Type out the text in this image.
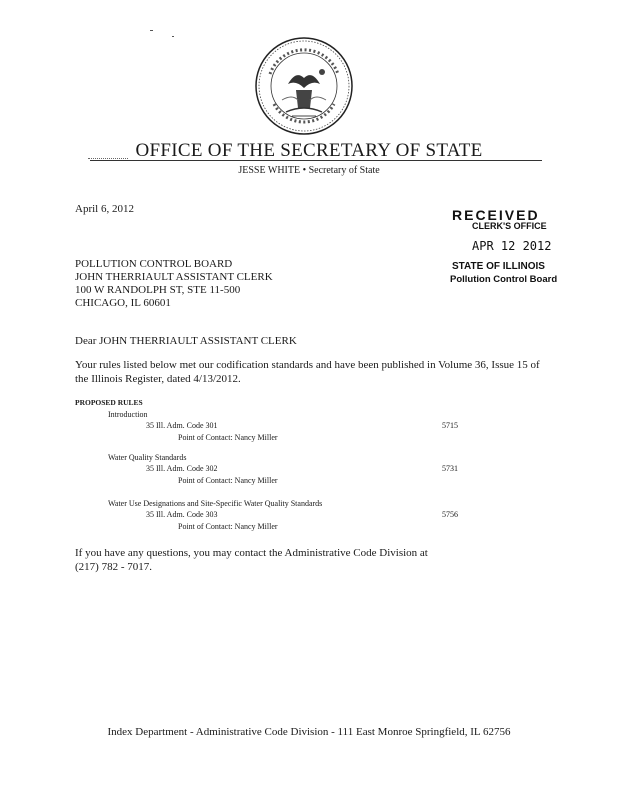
OFFICE OF THE SECRETARY OF STATE
JESSE WHITE • Secretary of State
April 6, 2012	RECEIVED
CLERK'S OFFICE
APR 12 2012
STATE OF ILLINOIS
Pollution Control Board
POLLUTION CONTROL BOARD
JOHN THERRIAULT ASSISTANT CLERK
100 W RANDOLPH ST, STE 11-500
CHICAGO, IL 60601
Dear JOHN THERRIAULT ASSISTANT CLERK
Your rules listed below met our codification standards and have been published in Volume 36, Issue 15 of the Illinois Register, dated 4/13/2012.
PROPOSED RULES
Introduction
35 Ill. Adm. Code 301	5715
Point of Contact: Nancy Miller
Water Quality Standards
35 Ill. Adm. Code 302	5731
Point of Contact: Nancy Miller
Water Use Designations and Site-Specific Water Quality Standards
35 Ill. Adm. Code 303	5756
Point of Contact: Nancy Miller
If you have any questions, you may contact the Administrative Code Division at
(217) 782 - 7017.
Index Department - Administrative Code Division - 111 East Monroe Springfield, IL 62756
